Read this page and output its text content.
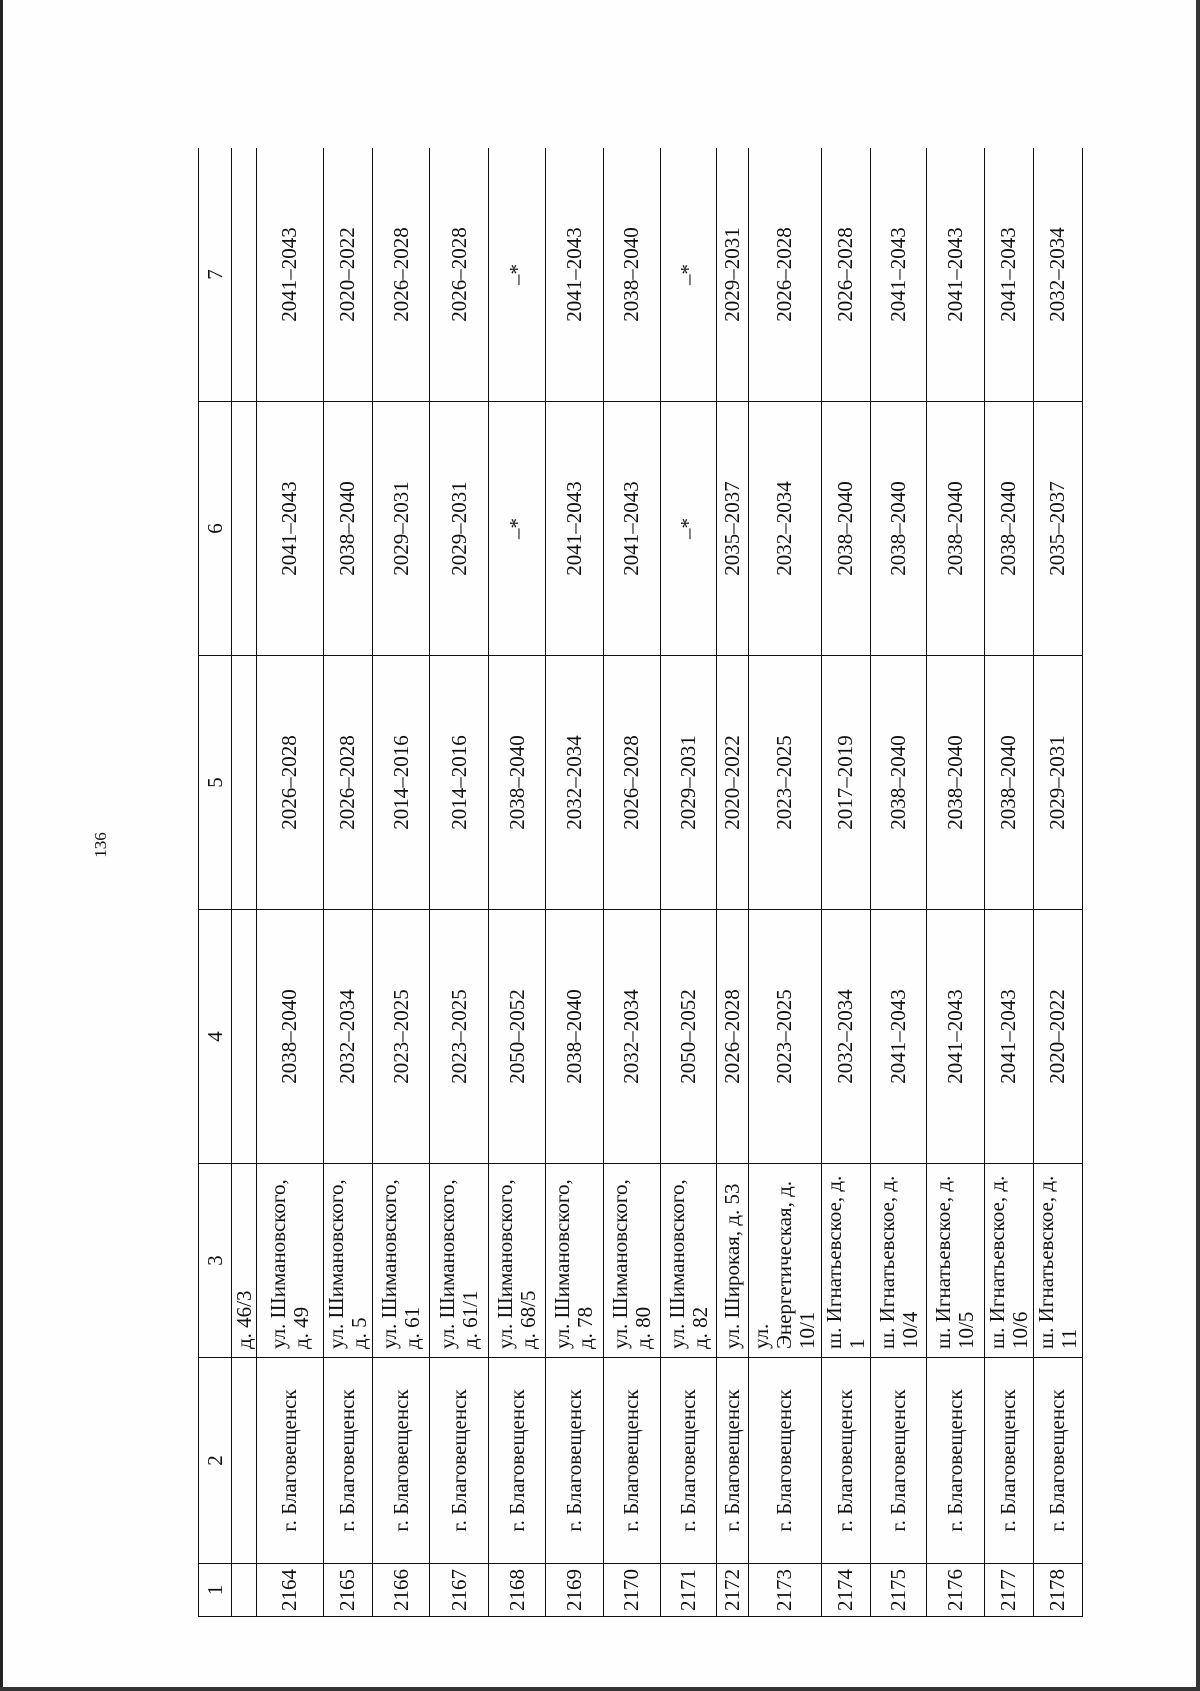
136
1	2	3	4	5	6	7
		д. 46/3				
2164	г. Благовещенск	ул. Шимановского, д. 49	2038–2040	2026–2028	2041–2043	2041–2043
2165	г. Благовещенск	ул. Шимановского, д. 5	2032–2034	2026–2028	2038–2040	2020–2022
2166	г. Благовещенск	ул. Шимановского, д. 61	2023–2025	2014–2016	2029–2031	2026–2028
2167	г. Благовещенск	ул. Шимановского, д. 61/1	2023–2025	2014–2016	2029–2031	2026–2028
2168	г. Благовещенск	ул. Шимановского, д. 68/5	2050–2052	2038–2040	–*	–*
2169	г. Благовещенск	ул. Шимановского, д. 78	2038–2040	2032–2034	2041–2043	2041–2043
2170	г. Благовещенск	ул. Шимановского, д. 80	2032–2034	2026–2028	2041–2043	2038–2040
2171	г. Благовещенск	ул. Шимановского, д. 82	2050–2052	2029–2031	–*	–*
2172	г. Благовещенск	ул. Широкая, д. 53	2026–2028	2020–2022	2035–2037	2029–2031
2173	г. Благовещенск	ул. Энергетическая, д. 10/1	2023–2025	2023–2025	2032–2034	2026–2028
2174	г. Благовещенск	ш. Игнатьевское, д. 1	2032–2034	2017–2019	2038–2040	2026–2028
2175	г. Благовещенск	ш. Игнатьевское, д. 10/4	2041–2043	2038–2040	2038–2040	2041–2043
2176	г. Благовещенск	ш. Игнатьевское, д. 10/5	2041–2043	2038–2040	2038–2040	2041–2043
2177	г. Благовещенск	ш. Игнатьевское, д. 10/6	2041–2043	2038–2040	2038–2040	2041–2043
2178	г. Благовещенск	ш. Игнатьевское, д. 11	2020–2022	2029–2031	2035–2037	2032–2034
